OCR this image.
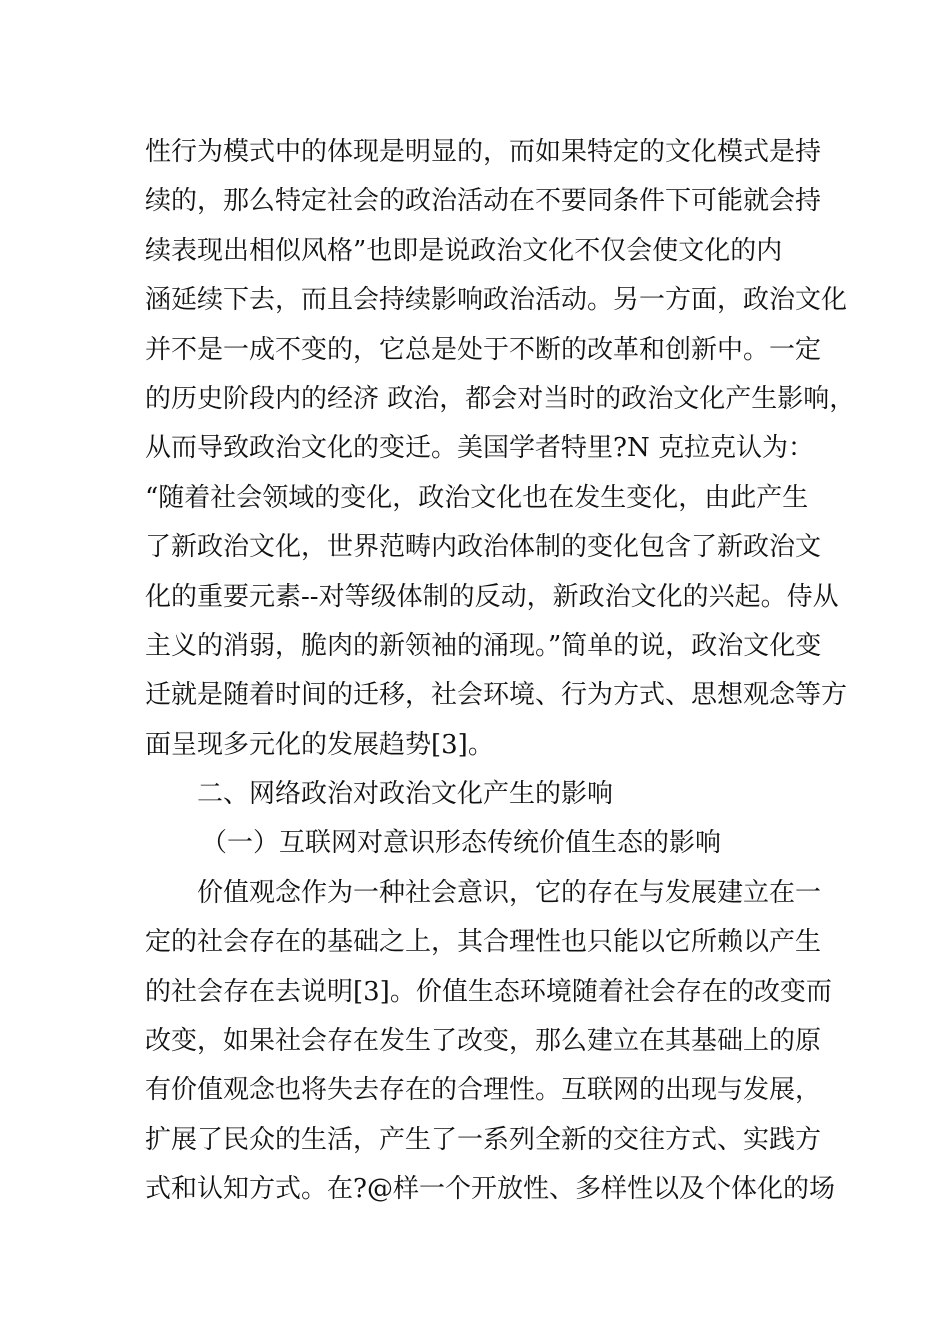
性行为模式中的体现是明显的，而如果特定的文化模式是持
续的，那么特定社会的政治活动在不要同条件下可能就会持
续表现出相似风格”也即是说政治文化不仅会使文化的内
涵延续下去，而且会持续影响政治活动。另一方面，政治文化
并不是一成不变的，它总是处于不断的改革和创新中。一定
的历史阶段内的经济 政治，都会对当时的政治文化产生影响，
从而导致政治文化的变迁。美国学者特里?N 克拉克认为：
“随着社会领域的变化，政治文化也在发生变化，由此产生
了新政治文化，世界范畴内政治体制的变化包含了新政治文
化的重要元素--对等级体制的反动，新政治文化的兴起。侍从
主义的消弱，脆肉的新领袖的涌现。”简单的说，政治文化变
迁就是随着时间的迁移，社会环境、行为方式、思想观念等方
面呈现多元化的发展趋势[3]。
二、网络政治对政治文化产生的影响
（一）互联网对意识形态传统价值生态的影响
价值观念作为一种社会意识，它的存在与发展建立在一
定的社会存在的基础之上，其合理性也只能以它所赖以产生
的社会存在去说明[3]。价值生态环境随着社会存在的改变而
改变，如果社会存在发生了改变，那么建立在其基础上的原
有价值观念也将失去存在的合理性。互联网的出现与发展，
扩展了民众的生活，产生了一系列全新的交往方式、实践方
式和认知方式。在?@样一个开放性、多样性以及个体化的场
